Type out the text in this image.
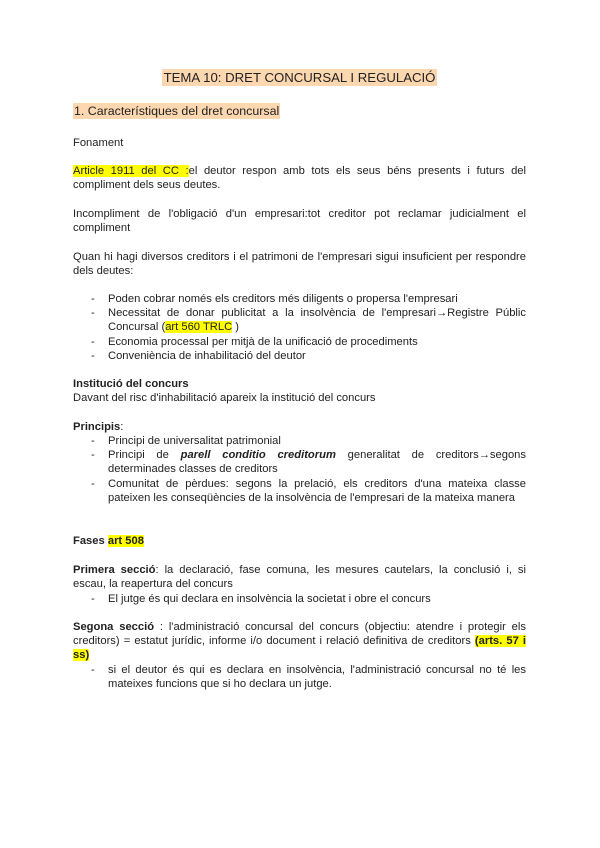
TEMA 10: DRET CONCURSAL I REGULACIÓ
1. Característiques del dret concursal
Fonament
Article 1911 del CC :el deutor respon amb tots els seus béns presents i futurs del compliment dels seus deutes.
Incompliment de l'obligació d'un empresari:tot creditor pot reclamar judicialment el compliment
Quan hi hagi diversos creditors i el patrimoni de l'empresari sigui insuficient per respondre dels deutes:
- Poden cobrar només els creditors més diligents o propersa l'empresari
- Necessitat de donar publicitat a la insolvència de l'empresari→Registre Públic Concursal (art 560 TRLC )
- Economia processal per mitjà de la unificació de procediments
- Conveniència de inhabilitació del deutor
Institució del concurs
Davant del risc d'inhabilitació apareix la institució del concurs
Principis:
- Principi de universalitat patrimonial
- Principi de parell conditio creditorum generalitat de creditors→segons determinades classes de creditors
- Comunitat de pèrdues: segons la prelació, els creditors d'una mateixa classe pateixen les conseqüències de la insolvència de l'empresari de la mateixa manera
Fases art 508
Primera secció: la declaració, fase comuna, les mesures cautelars, la conclusió i, si escau, la reapertura del concurs
- El jutge és qui declara en insolvència la societat i obre el concurs
Segona secció : l'administració concursal del concurs (objectiu: atendre i protegir els creditors) = estatut jurídic, informe i/o document i relació definitiva de creditors (arts. 57 i ss)
- si el deutor és qui es declara en insolvència, l'administració concursal no té les mateixes funcions que si ho declara un jutge.
